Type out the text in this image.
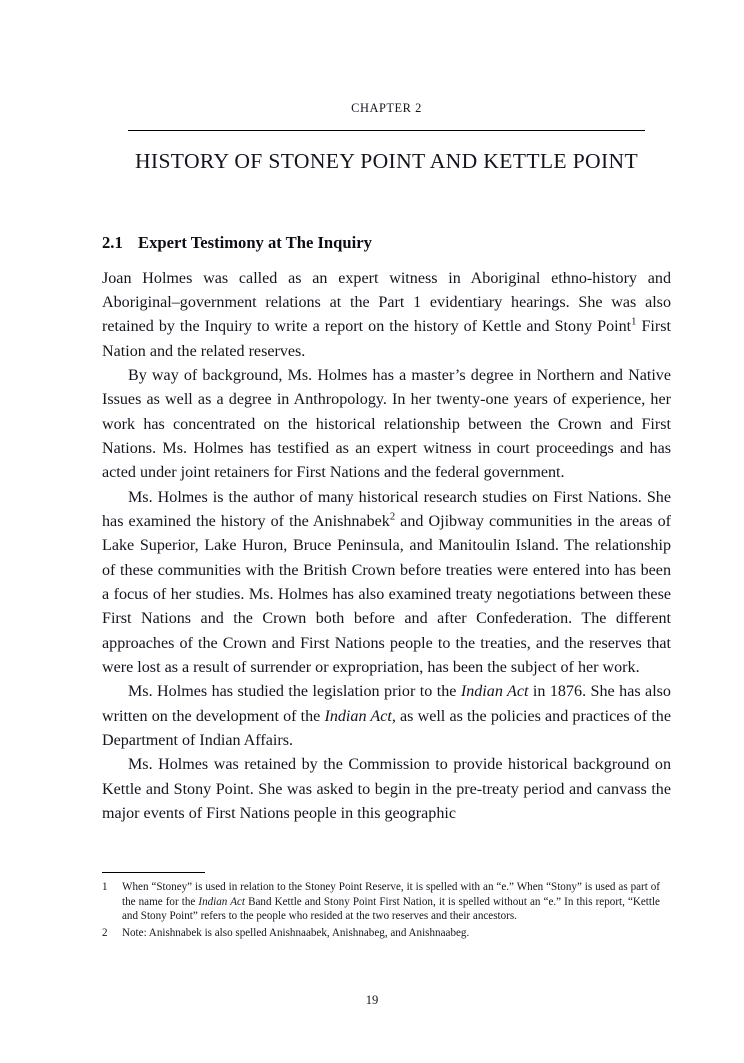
CHAPTER 2
HISTORY OF STONEY POINT AND KETTLE POINT
2.1 Expert Testimony at The Inquiry

Joan Holmes was called as an expert witness in Aboriginal ethno-history and Aboriginal–government relations at the Part 1 evidentiary hearings. She was also retained by the Inquiry to write a report on the history of Kettle and Stony Point$^1$ First Nation and the related reserves.

By way of background, Ms. Holmes has a master’s degree in Northern and Native Issues as well as a degree in Anthropology. In her twenty-one years of experience, her work has concentrated on the historical relationship between the Crown and First Nations. Ms. Holmes has testified as an expert witness in court proceedings and has acted under joint retainers for First Nations and the federal government.

Ms. Holmes is the author of many historical research studies on First Nations. She has examined the history of the Anishnabek$^2$ and Ojibway communities in the areas of Lake Superior, Lake Huron, Bruce Peninsula, and Manitoulin Island. The relationship of these communities with the British Crown before treaties were entered into has been a focus of her studies. Ms. Holmes has also examined treaty negotiations between these First Nations and the Crown both before and after Confederation. The different approaches of the Crown and First Nations people to the treaties, and the reserves that were lost as a result of surrender or expropriation, has been the subject of her work.

Ms. Holmes has studied the legislation prior to the Indian Act in 1876. She has also written on the development of the Indian Act, as well as the policies and practices of the Department of Indian Affairs.

Ms. Holmes was retained by the Commission to provide historical background on Kettle and Stony Point. She was asked to begin in the pre-treaty period and canvass the major events of First Nations people in this geographic

1	When “Stoney” is used in relation to the Stoney Point Reserve, it is spelled with an “e.” When “Stony” is used as part of the name for the Indian Act Band Kettle and Stony Point First Nation, it is spelled without an “e.” In this report, “Kettle and Stony Point” refers to the people who resided at the two reserves and their ancestors.
2	Note: Anishnabek is also spelled Anishnaabek, Anishnabeg, and Anishnaabeg.
19
